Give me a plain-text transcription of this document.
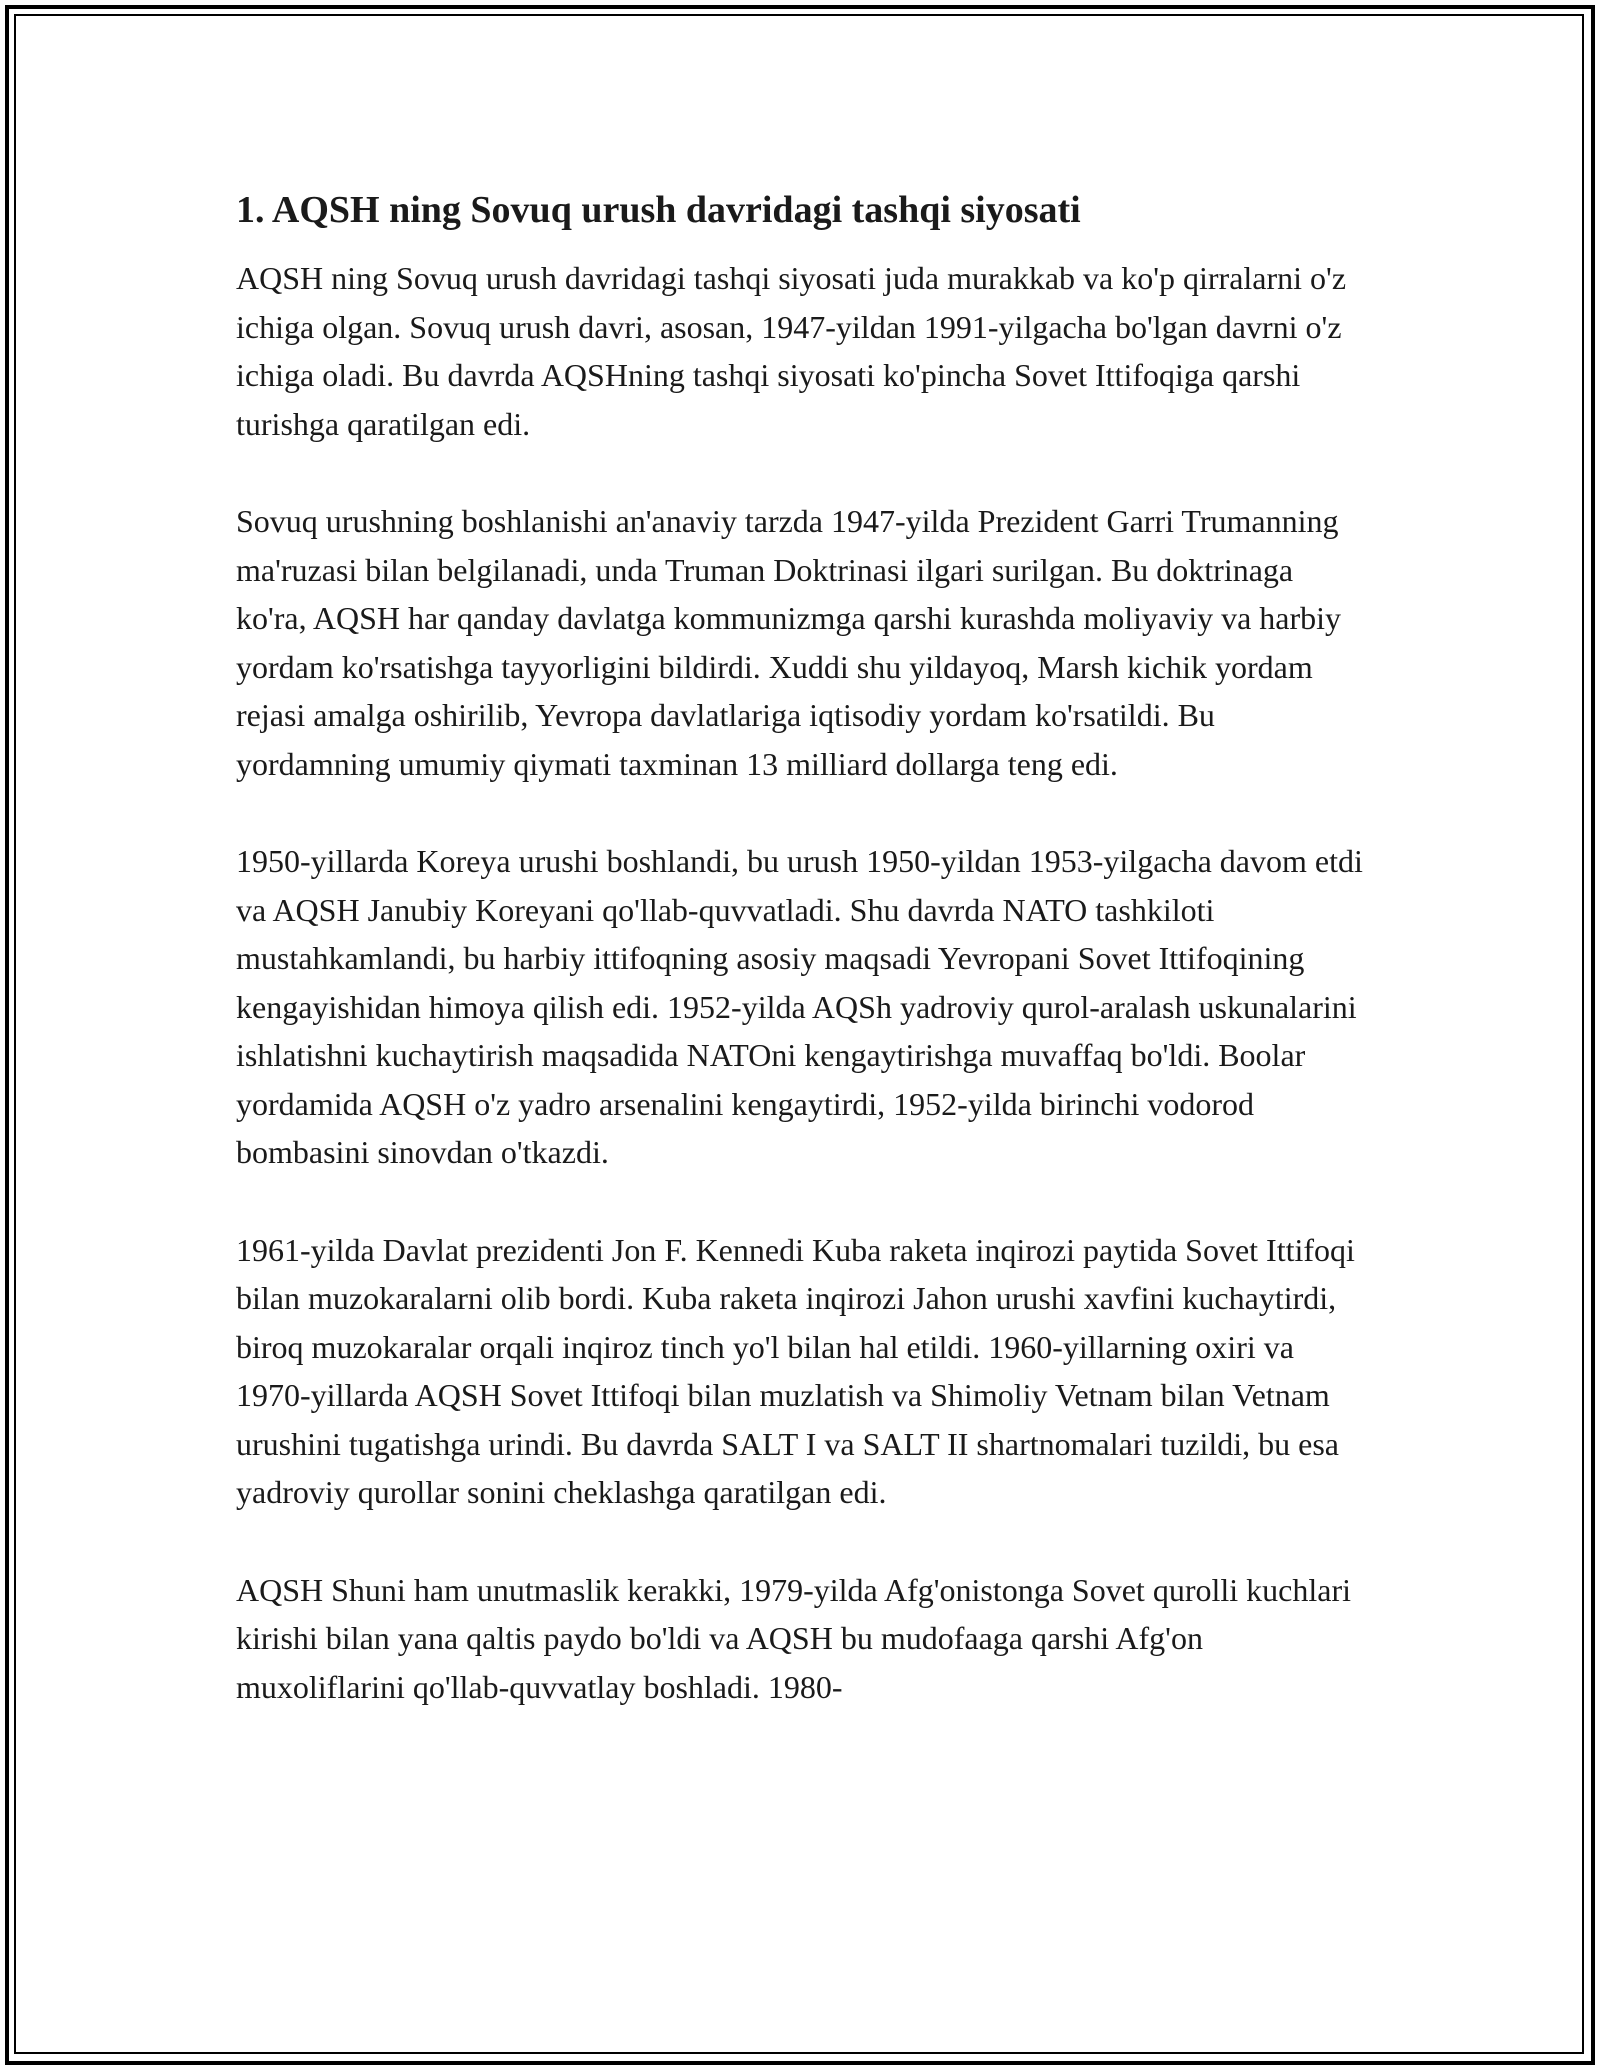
1. AQSH ning Sovuq urush davridagi tashqi siyosati

AQSH ning Sovuq urush davridagi tashqi siyosati juda murakkab va ko'p qirralarni o'z ichiga olgan. Sovuq urush davri, asosan, 1947-yildan 1991-yilgacha bo'lgan davrni o'z ichiga oladi. Bu davrda AQSHning tashqi siyosati ko'pincha Sovet Ittifoqiga qarshi turishga qaratilgan edi.

Sovuq urushning boshlanishi an'anaviy tarzda 1947-yilda Prezident Garri Trumanning ma'ruzasi bilan belgilanadi, unda Truman Doktrinasi ilgari surilgan. Bu doktrinaga ko'ra, AQSH har qanday davlatga kommunizmga qarshi kurashda moliyaviy va harbiy yordam ko'rsatishga tayyorligini bildirdi. Xuddi shu yildayoq, Marsh kichik yordam rejasi amalga oshirilib, Yevropa davlatlariga iqtisodiy yordam ko'rsatildi. Bu yordamning umumiy qiymati taxminan 13 milliard dollarga teng edi.

1950-yillarda Koreya urushi boshlandi, bu urush 1950-yildan 1953-yilgacha davom etdi va AQSH Janubiy Koreyani qo'llab-quvvatladi. Shu davrda NATO tashkiloti mustahkamlandi, bu harbiy ittifoqning asosiy maqsadi Yevropani Sovet Ittifoqining kengayishidan himoya qilish edi. 1952-yilda AQSh yadroviy qurol-aralash uskunalarini ishlatishni kuchaytirish maqsadida NATOni kengaytirishga muvaffaq bo'ldi. Boolar yordamida AQSH o'z yadro arsenalini kengaytirdi, 1952-yilda birinchi vodorod bombasini sinovdan o'tkazdi.

1961-yilda Davlat prezidenti Jon F. Kennedi Kuba raketa inqirozi paytida Sovet Ittifoqi bilan muzokaralarni olib bordi. Kuba raketa inqirozi Jahon urushi xavfini kuchaytirdi, biroq muzokaralar orqali inqiroz tinch yo'l bilan hal etildi. 1960-yillarning oxiri va 1970-yillarda AQSH Sovet Ittifoqi bilan muzlatish va Shimoliy Vetnam bilan Vetnam urushini tugatishga urindi. Bu davrda SALT I va SALT II shartnomalari tuzildi, bu esa yadroviy qurollar sonini cheklashga qaratilgan edi.

AQSH Shuni ham unutmaslik kerakki, 1979-yilda Afg'onistonga Sovet qurolli kuchlari kirishi bilan yana qaltis paydo bo'ldi va AQSH bu mudofaaga qarshi Afg'on muxoliflarini qo'llab-quvvatlay boshladi. 1980-
